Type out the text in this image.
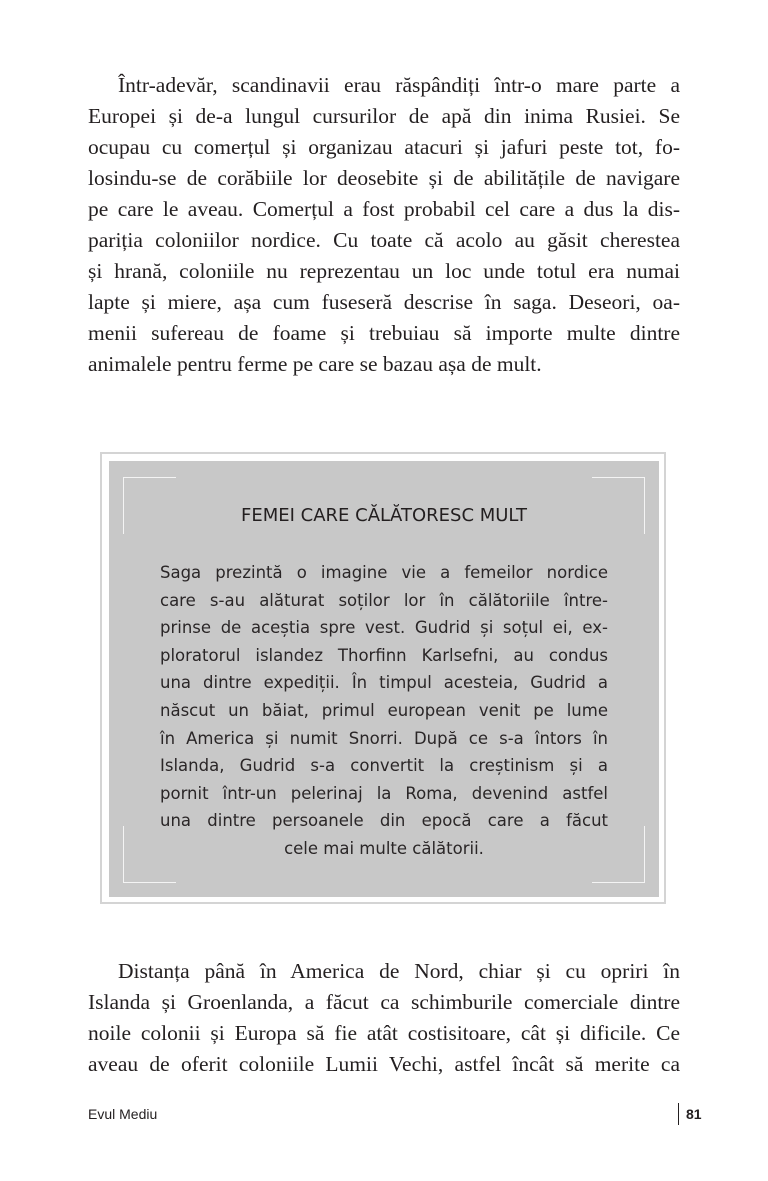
Într-adevăr, scandinavii erau răspândiți într-o mare parte a
Europei și de-a lungul cursurilor de apă din inima Rusiei. Se
ocupau cu comerțul și organizau atacuri și jafuri peste tot, fo-
losindu-se de corăbiile lor deosebite și de abilitățile de navigare
pe care le aveau. Comerțul a fost probabil cel care a dus la dis-
pariția coloniilor nordice. Cu toate că acolo au găsit cherestea
și hrană, coloniile nu reprezentau un loc unde totul era numai
lapte și miere, așa cum fuseseră descrise în saga. Deseori, oa-
menii sufereau de foame și trebuiau să importe multe dintre
animalele pentru ferme pe care se bazau așa de mult.
FEMEI CARE CĂLĂTORESC MULT
Saga prezintă o imagine vie a femeilor nordice
care s-au alăturat soților lor în călătoriile între-
prinse de aceștia spre vest. Gudrid și soțul ei, ex-
ploratorul islandez Thorfinn Karlsefni, au condus
una dintre expediții. În timpul acesteia, Gudrid a
născut un băiat, primul european venit pe lume
în America și numit Snorri. După ce s-a întors în
Islanda, Gudrid s-a convertit la creștinism și a
pornit într-un pelerinaj la Roma, devenind astfel
una dintre persoanele din epocă care a făcut
cele mai multe călătorii.
Distanța până în America de Nord, chiar și cu opriri în
Islanda și Groenlanda, a făcut ca schimburile comerciale dintre
noile colonii și Europa să fie atât costisitoare, cât și dificile. Ce
aveau de oferit coloniile Lumii Vechi, astfel încât să merite ca
Evul Mediu	81
